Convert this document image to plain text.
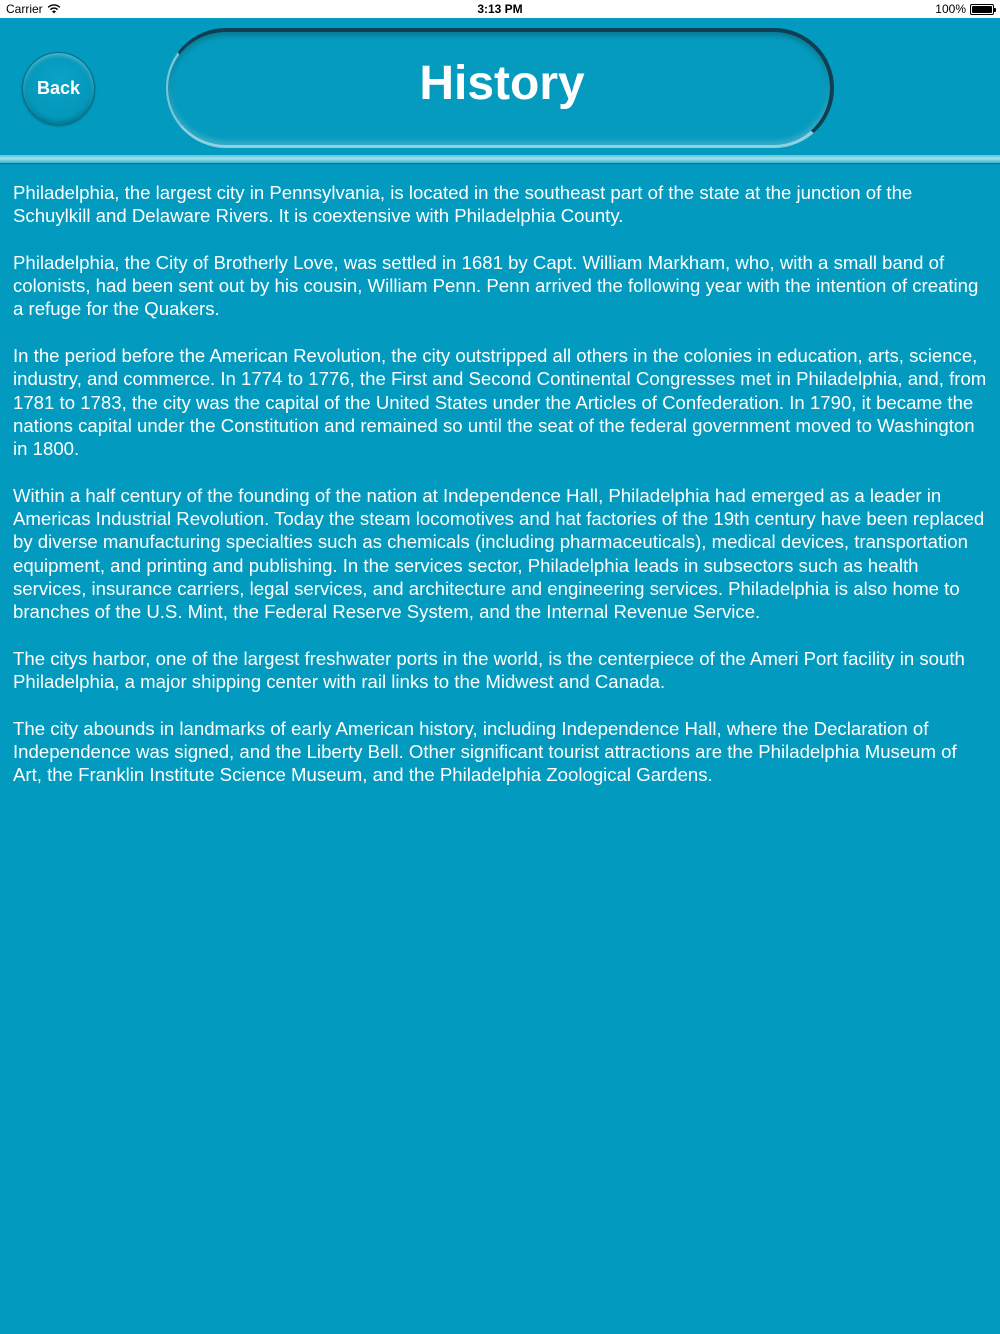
Carrier	3:13 PM	100%
Back	History

Philadelphia, the largest city in Pennsylvania, is located in the southeast part of the state at the junction of the Schuylkill and Delaware Rivers. It is coextensive with Philadelphia County.

Philadelphia, the City of Brotherly Love, was settled in 1681 by Capt. William Markham, who, with a small band of colonists, had been sent out by his cousin, William Penn. Penn arrived the following year with the intention of creating a refuge for the Quakers.

In the period before the American Revolution, the city outstripped all others in the colonies in education, arts, science, industry, and commerce. In 1774 to 1776, the First and Second Continental Congresses met in Philadelphia, and, from 1781 to 1783, the city was the capital of the United States under the Articles of Confederation. In 1790, it became the nations capital under the Constitution and remained so until the seat of the federal government moved to Washington in 1800.

Within a half century of the founding of the nation at Independence Hall, Philadelphia had emerged as a leader in Americas Industrial Revolution. Today the steam locomotives and hat factories of the 19th century have been replaced by diverse manufacturing specialties such as chemicals (including pharmaceuticals), medical devices, transportation equipment, and printing and publishing. In the services sector, Philadelphia leads in subsectors such as health services, insurance carriers, legal services, and architecture and engineering services. Philadelphia is also home to branches of the U.S. Mint, the Federal Reserve System, and the Internal Revenue Service.

The citys harbor, one of the largest freshwater ports in the world, is the centerpiece of the Ameri Port facility in south Philadelphia, a major shipping center with rail links to the Midwest and Canada.

The city abounds in landmarks of early American history, including Independence Hall, where the Declaration of Independence was signed, and the Liberty Bell. Other significant tourist attractions are the Philadelphia Museum of Art, the Franklin Institute Science Museum, and the Philadelphia Zoological Gardens.
